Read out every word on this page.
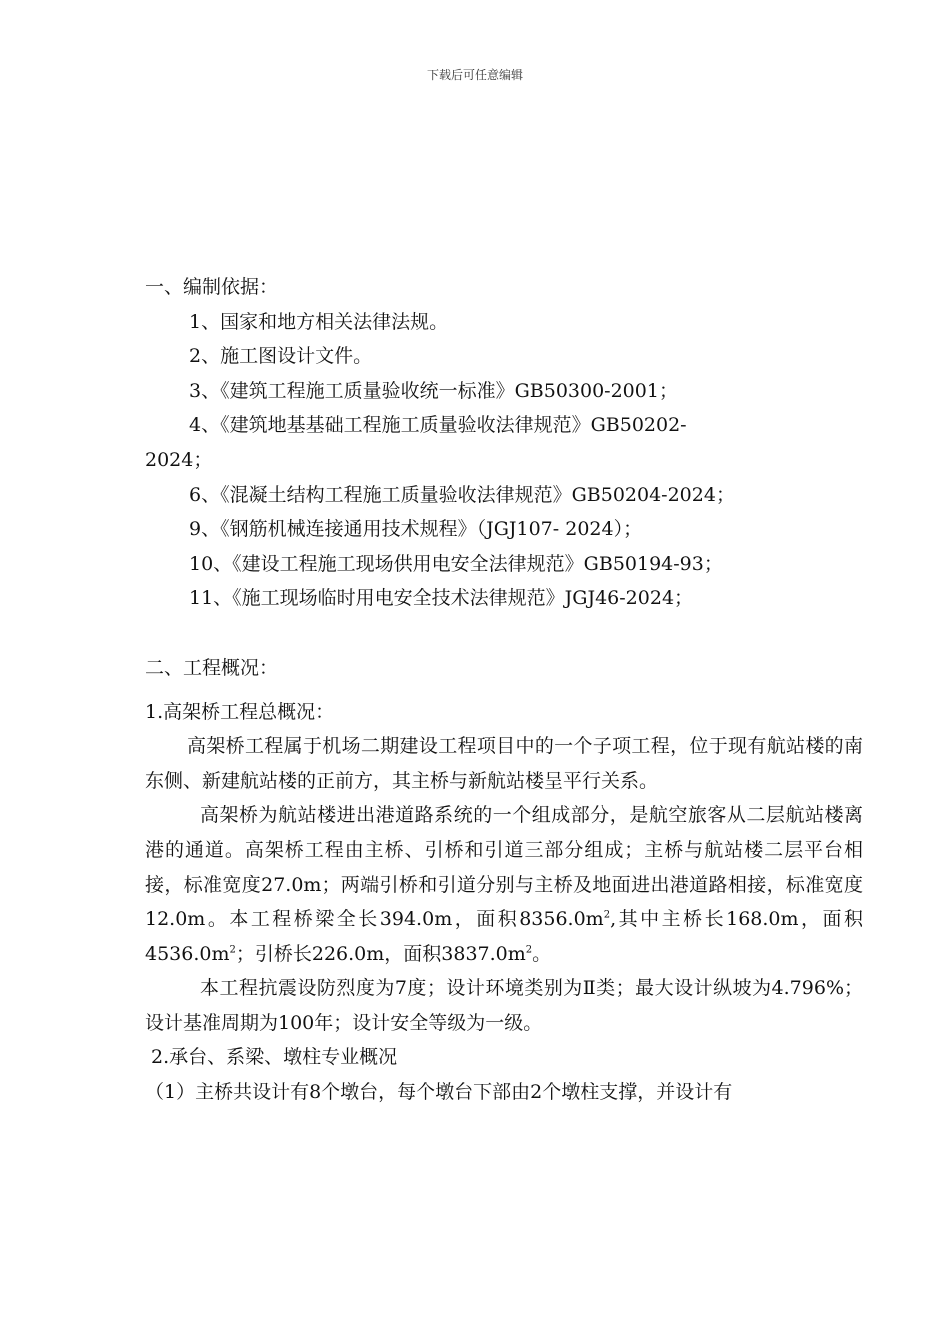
下载后可任意编辑
一、编制依据：
1、国家和地方相关法律法规。
2、施工图设计文件。
3、《建筑工程施工质量验收统一标准》GB50300-2001；
4、《建筑地基基础工程施工质量验收法律规范》GB50202-
2024；
6、《混凝土结构工程施工质量验收法律规范》GB50204-2024；
9、《钢筋机械连接通用技术规程》（JGJ107- 2024）；
10、《建设工程施工现场供用电安全法律规范》GB50194-93；
11、《施工现场临时用电安全技术法律规范》JGJ46-2024；
二、工程概况：
1.高架桥工程总概况：
高架桥工程属于机场二期建设工程项目中的一个子项工程，位于现有航站楼的南东侧、新建航站楼的正前方，其主桥与新航站楼呈平行关系。
高架桥为航站楼进出港道路系统的一个组成部分，是航空旅客从二层航站楼离港的通道。高架桥工程由主桥、引桥和引道三部分组成；主桥与航站楼二层平台相接，标准宽度27.0m；两端引桥和引道分别与主桥及地面进出港道路相接，标准宽度12.0m。本工程桥梁全长394.0m，面积$8356.0m^2$,其中主桥长168.0m，面积$4536.0m^2$；引桥长226.0m，面积$3837.0m^2$。
本工程抗震设防烈度为7度；设计环境类别为Ⅱ类；最大设计纵坡为4.796%；设计基准周期为100年；设计安全等级为一级。
2.承台、系梁、墩柱专业概况
（1）主桥共设计有8个墩台，每个墩台下部由2个墩柱支撑，并设计有
